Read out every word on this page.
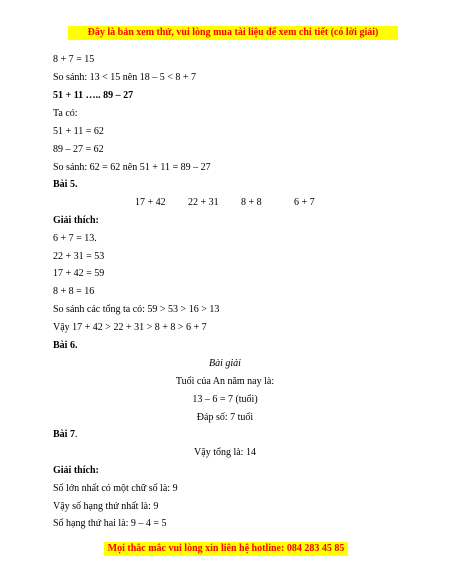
Đây là bản xem thử, vui lòng mua tài liệu để xem chi tiết (có lời giải)
8 + 7 = 15
So sánh: 13 < 15 nên 18 – 5 < 8 + 7
51 + 11 ….. 89 – 27
Ta có:
51 + 11 = 62
89 – 27 = 62
So sánh: 62 = 62 nên 51 + 11 = 89 – 27
Bài 5.
17 + 42 22 + 31 8 + 8	6 + 7
Giải thích:
6 + 7 = 13.
22 + 31 = 53
17 + 42 = 59
8 + 8 = 16
So sánh các tổng ta có: 59 > 53 > 16 > 13
Vậy 17 + 42 > 22 + 31 > 8 + 8 > 6 + 7
Bài 6.
Bài giải
Tuổi của An năm nay là:
13 – 6 = 7 (tuổi)
Đáp số: 7 tuổi
Bài 7.
Vậy tổng là: 14
Giải thích:
Số lớn nhất có một chữ số là: 9
Vậy số hạng thứ nhất là: 9
Số hạng thứ hai là: 9 – 4 = 5
Mọi thắc mắc vui lòng xin liên hệ hotline: 084 283 45 85
